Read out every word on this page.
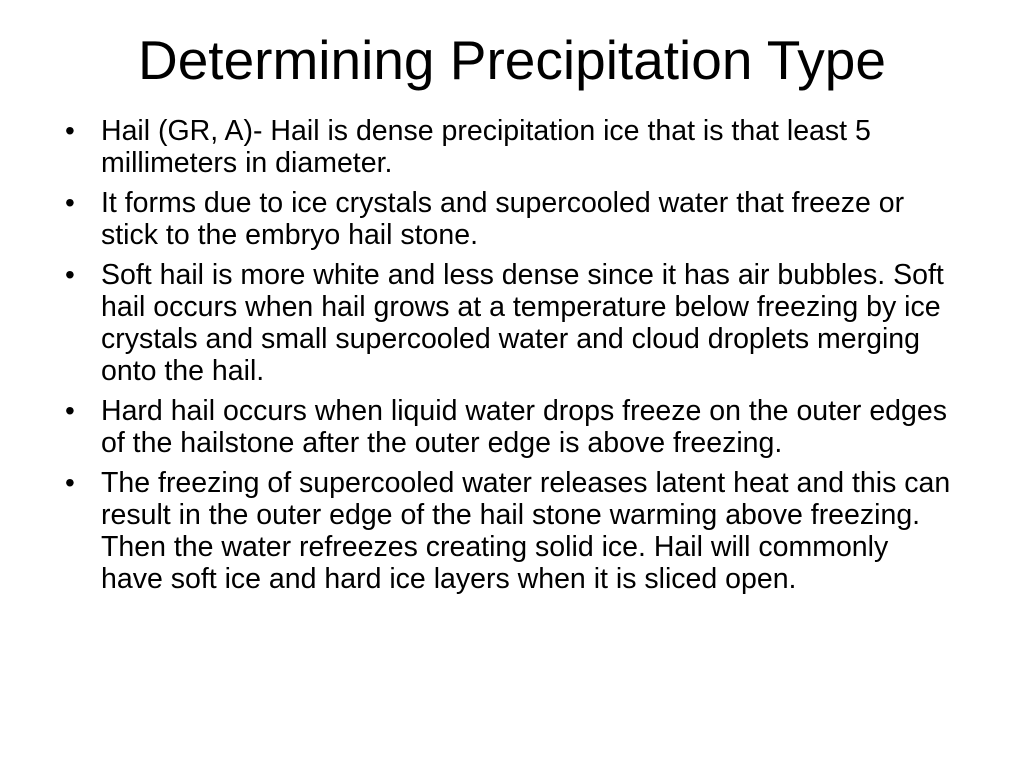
Determining Precipitation Type
• Hail (GR, A)- Hail is dense precipitation ice that is that least 5 millimeters in diameter.
• It forms due to ice crystals and supercooled water that freeze or stick to the embryo hail stone.
• Soft hail is more white and less dense since it has air bubbles. Soft hail occurs when hail grows at a temperature below freezing by ice crystals and small supercooled water and cloud droplets merging onto the hail.
• Hard hail occurs when liquid water drops freeze on the outer edges of the hailstone after the outer edge is above freezing.
• The freezing of supercooled water releases latent heat and this can result in the outer edge of the hail stone warming above freezing. Then the water refreezes creating solid ice. Hail will commonly have soft ice and hard ice layers when it is sliced open.
